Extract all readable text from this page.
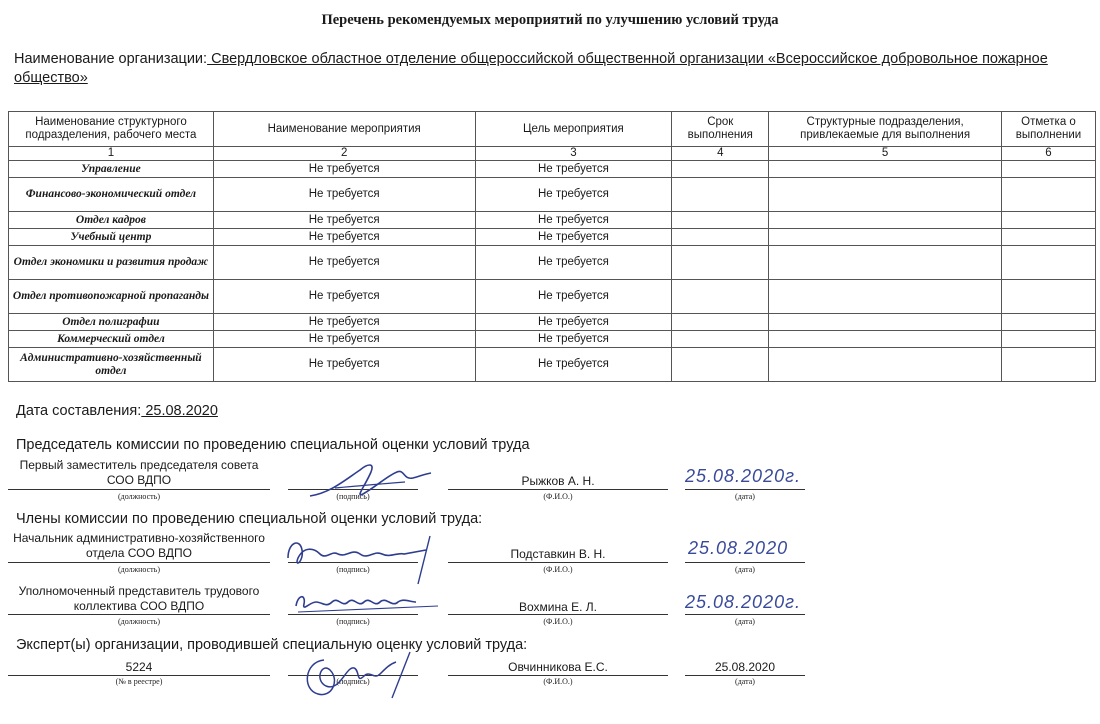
Перечень рекомендуемых мероприятий по улучшению условий труда
Наименование организации: Свердловское областное отделение общероссийской общественной организации «Всероссийское добровольное пожарное общество»
Наименование структурного подразделения, рабочего места	Наименование мероприятия	Цель мероприятия	Срок выполнения	Структурные подразделения, привлекаемые для выполнения	Отметка о выполнении
1	2	3	4	5	6
Управление	Не требуется	Не требуется			
Финансово-экономический отдел	Не требуется	Не требуется			
Отдел кадров	Не требуется	Не требуется			
Учебный центр	Не требуется	Не требуется			
Отдел экономики и развития продаж	Не требуется	Не требуется			
Отдел противопожарной пропаганды	Не требуется	Не требуется			
Отдел полиграфии	Не требуется	Не требуется			
Коммерческий отдел	Не требуется	Не требуется			
Административно-хозяйственный отдел	Не требуется	Не требуется			
Дата составления: 25.08.2020
Председатель комиссии по проведению специальной оценки условий труда
Первый заместитель председателя совета СОО ВДПО
(должность)	(подпись)
Рыжков А. Н.
(Ф.И.О.)
25.08.2020г.
(дата)
Члены комиссии по проведению специальной оценки условий труда:
Начальник административно-хозяйственного отдела СОО ВДПО
(должность)	(подпись)
Подставкин В. Н.
(Ф.И.О.)
25.08.2020
(дата)
Уполномоченный представитель трудового коллектива СОО ВДПО
(должность)	(подпись)
Вохмина Е. Л.
(Ф.И.О.)
25.08.2020г.
(дата)
Эксперт(ы) организации, проводившей специальную оценку условий труда:
5224
(№ в реестре)	(подпись)
Овчинникова Е.С.
(Ф.И.О.)
25.08.2020
(дата)
